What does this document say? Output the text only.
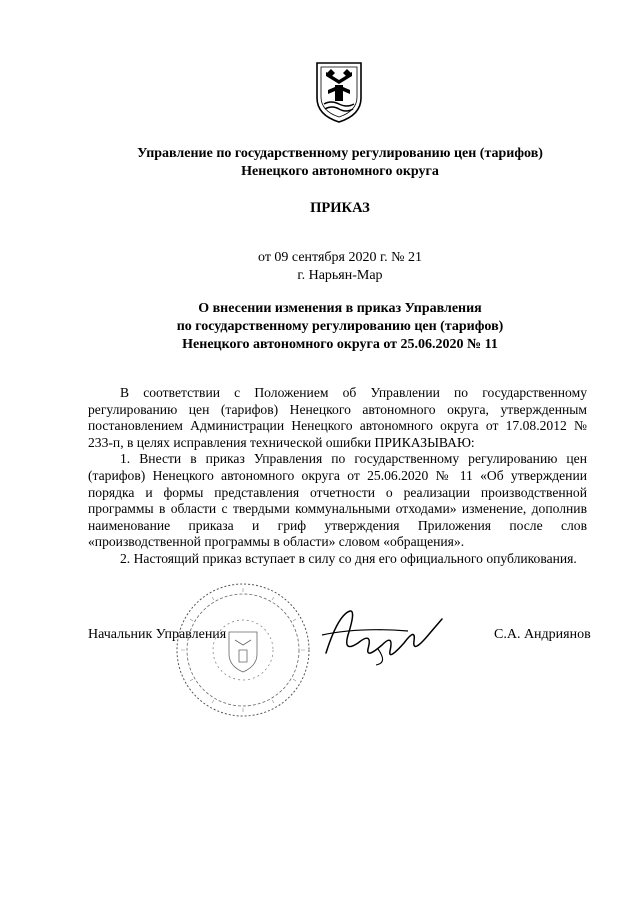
Управление по государственному регулированию цен (тарифов)
Ненецкого автономного округа
ПРИКАЗ
от 09 сентября 2020 г. № 21
г. Нарьян-Мар
О внесении изменения в приказ Управления
по государственному регулированию цен (тарифов)
Ненецкого автономного округа от 25.06.2020 № 11

В соответствии с Положением об Управлении по государственному регулированию цен (тарифов) Ненецкого автономного округа, утвержденным постановлением Администрации Ненецкого автономного округа от 17.08.2012 № 233-п, в целях исправления технической ошибки ПРИКАЗЫВАЮ:

1. Внести в приказ Управления по государственному регулированию цен (тарифов) Ненецкого автономного округа от 25.06.2020 № 11 «Об утверждении порядка и формы представления отчетности о реализации производственной программы в области с твердыми коммунальными отходами» изменение, дополнив наименование приказа и гриф утверждения Приложения после слов «производственной программы в области» словом «обращения».

2. Настоящий приказ вступает в силу со дня его официального опубликования.

Начальник Управления	С.А. Андриянов
